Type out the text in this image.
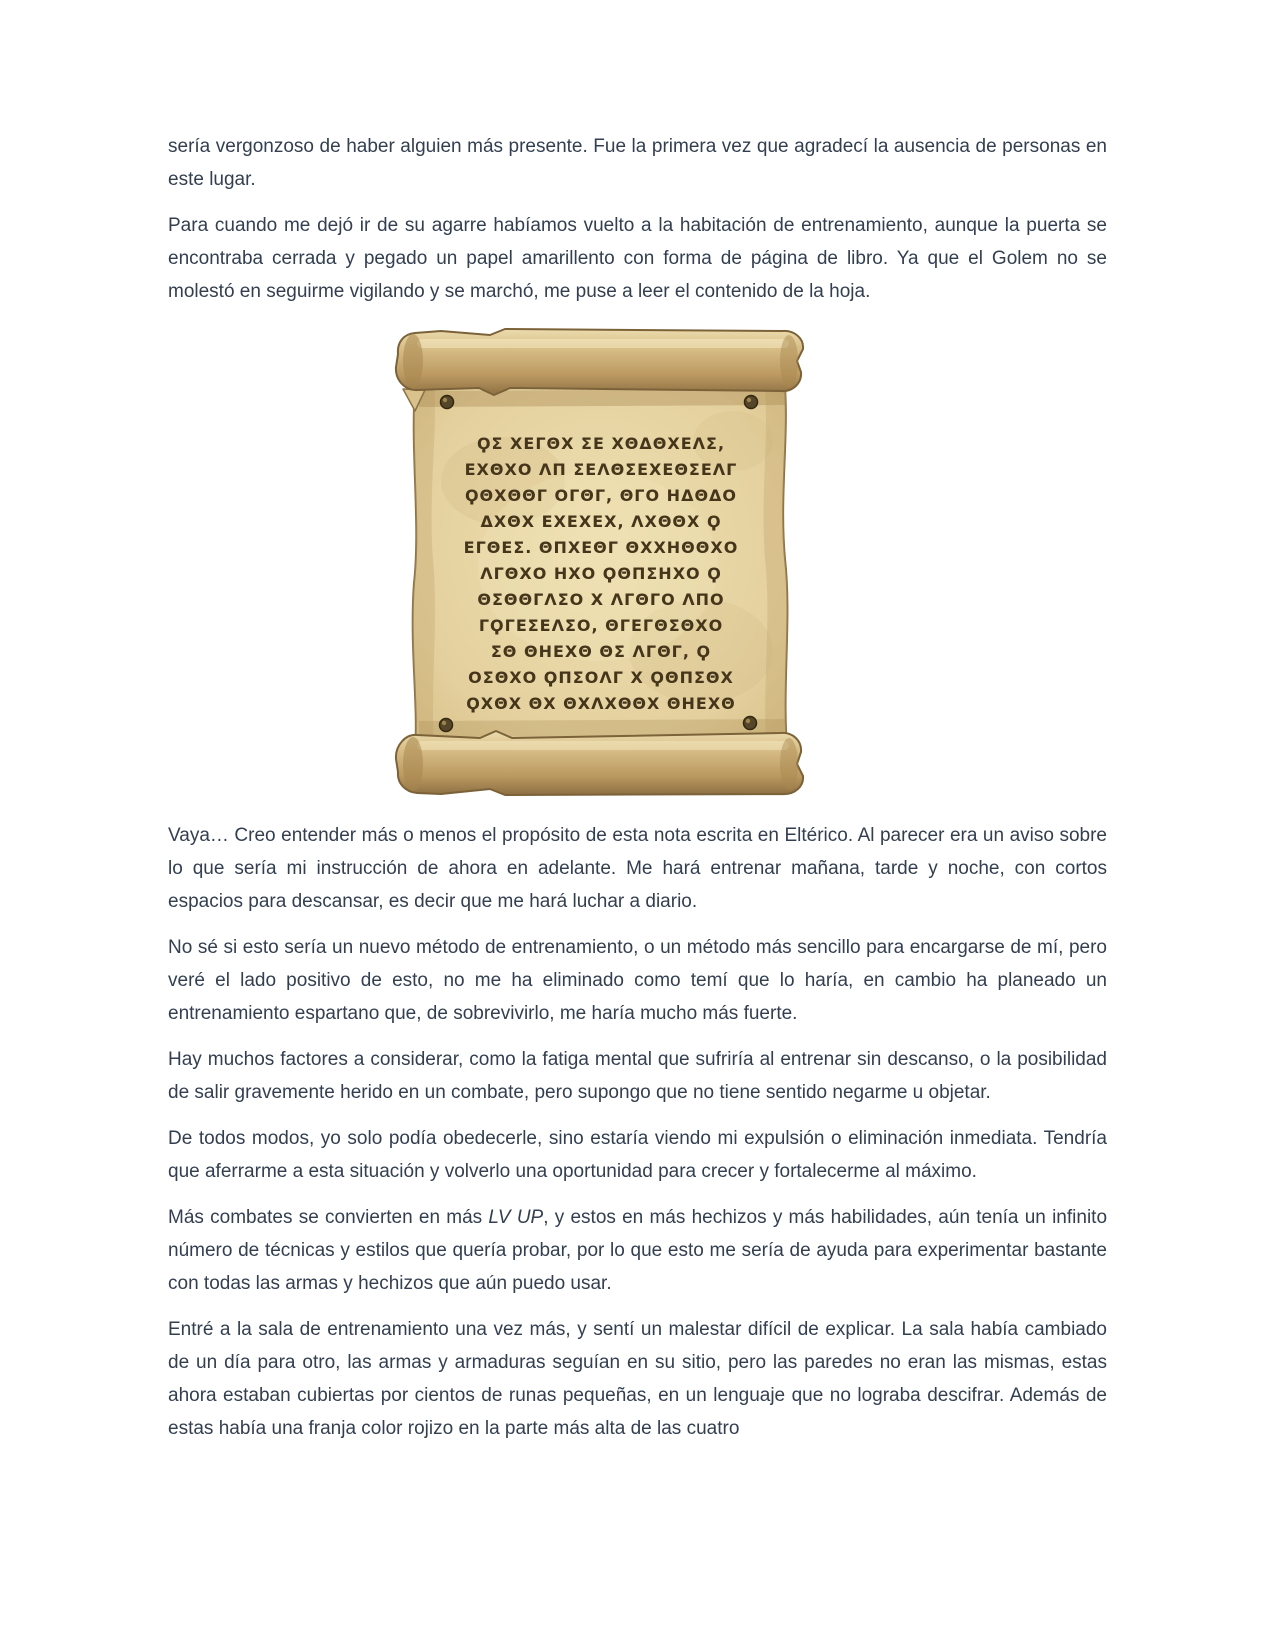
sería vergonzoso de haber alguien más presente. Fue la primera vez que agradecí la ausencia de personas en este lugar.

Para cuando me dejó ir de su agarre habíamos vuelto a la habitación de entrenamiento, aunque la puerta se encontraba cerrada y pegado un papel amarillento con forma de página de libro. Ya que el Golem no se molestó en seguirme vigilando y se marchó, me puse a leer el contenido de la hoja.

ϘΣ ΧΕΓΘΧ ΣΕ ΧΘΔΘΧΕΛΣ,
ΕΧΘΧΟ ΛΠ ΣΕΛΘΣΕΧΕΘΣΕΛΓ
ϘΘΧΘΘΓ ΟΓΘΓ, ΘΓΟ ΗΔΘΔΟ
ΔΧΘΧ ΕΧΕΧΕΧ, ΛΧΘΘΧ Ϙ
ΕΓΘΕΣ. ΘΠΧΕΘΓ ΘΧΧΗΘΘΧΟ
ΛΓΘΧΟ ΗΧΟ ϘΘΠΣΗΧΟ Ϙ
ΘΣΘΘΓΛΣΟ Χ ΛΓΘΓΟ ΛΠΟ
ΓϘΓΕΣΕΛΣΟ, ΘΓΕΓΘΣΘΧΟ
ΣΘ ΘΗΕΧΘ ΘΣ ΛΓΘΓ, Ϙ
ΟΣΘΧΟ ϘΠΣΟΛΓ Χ ϘΘΠΣΘΧ
ϘΧΘΧ ΘΧ ΘΧΛΧΘΘΧ ΘΗΕΧΘ

Vaya… Creo entender más o menos el propósito de esta nota escrita en Eltérico. Al parecer era un aviso sobre lo que sería mi instrucción de ahora en adelante. Me hará entrenar mañana, tarde y noche, con cortos espacios para descansar, es decir que me hará luchar a diario.

No sé si esto sería un nuevo método de entrenamiento, o un método más sencillo para encargarse de mí, pero veré el lado positivo de esto, no me ha eliminado como temí que lo haría, en cambio ha planeado un entrenamiento espartano que, de sobrevivirlo, me haría mucho más fuerte.

Hay muchos factores a considerar, como la fatiga mental que sufriría al entrenar sin descanso, o la posibilidad de salir gravemente herido en un combate, pero supongo que no tiene sentido negarme u objetar.

De todos modos, yo solo podía obedecerle, sino estaría viendo mi expulsión o eliminación inmediata. Tendría que aferrarme a esta situación y volverlo una oportunidad para crecer y fortalecerme al máximo.

Más combates se convierten en más LV UP, y estos en más hechizos y más habilidades, aún tenía un infinito número de técnicas y estilos que quería probar, por lo que esto me sería de ayuda para experimentar bastante con todas las armas y hechizos que aún puedo usar.

Entré a la sala de entrenamiento una vez más, y sentí un malestar difícil de explicar. La sala había cambiado de un día para otro, las armas y armaduras seguían en su sitio, pero las paredes no eran las mismas, estas ahora estaban cubiertas por cientos de runas pequeñas, en un lenguaje que no lograba descifrar. Además de estas había una franja color rojizo en la parte más alta de las cuatro
